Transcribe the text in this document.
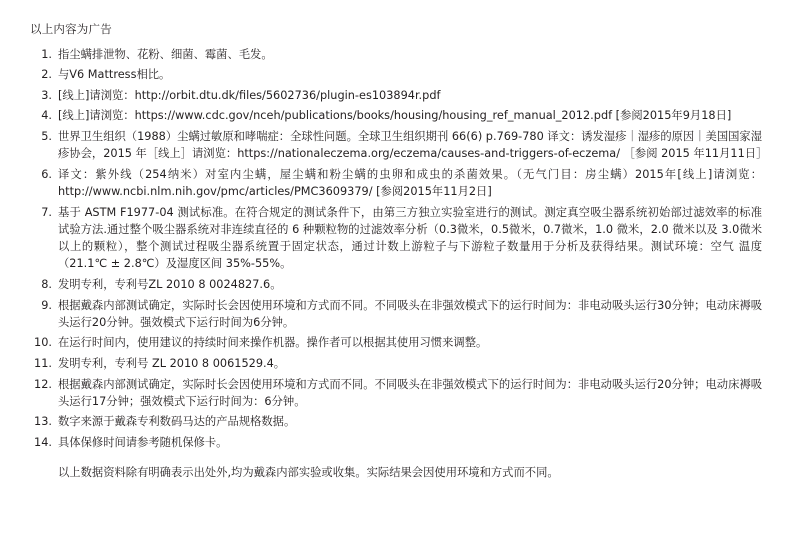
以上内容为广告
1. 指尘螨排泄物、花粉、细菌、霉菌、毛发。
2. 与V6 Mattress相比。
3. [线上]请浏览：http://orbit.dtu.dk/files/5602736/plugin-es103894r.pdf
4. [线上]请浏览：https://www.cdc.gov/nceh/publications/books/housing/housing_ref_manual_2012.pdf [参阅2015年9月18日]
5. 世界卫生组织（1988）尘螨过敏原和哮喘症：全球性问题。全球卫生组织期刊 66(6) p.769-780 译文：诱发湿疹｜湿疹的原因｜美国国家湿疹协会，2015 年［线上］请浏览：https://nationaleczema.org/eczema/causes-and-triggers-of-eczema/ ［参阅 2015 年11月11日］
6. 译文：紫外线（254纳米）对室内尘螨，屋尘螨和粉尘螨的虫卵和成虫的杀菌效果。（无气门目：房尘螨）2015年[线上]请浏览：http://www.ncbi.nlm.nih.gov/pmc/articles/PMC3609379/ [参阅2015年11月2日]
7. 基于 ASTM F1977-04 测试标准。在符合规定的测试条件下，由第三方独立实验室进行的测试。测定真空吸尘器系统初始部过滤效率的标准试验方法.通过整个吸尘器系统对非连续直径的 6 种颗粒物的过滤效率分析（0.3微米，0.5微米，0.7微米，1.0 微米，2.0 微米以及 3.0微米以上的颗粒），整个测试过程吸尘器系统置于固定状态，通过计数上游粒子与下游粒子数量用于分析及获得结果。测试环境：空气 温度（21.1℃ ± 2.8℃）及湿度区间 35%-55%。
8. 发明专利，专利号ZL 2010 8 0024827.6。
9. 根据戴森内部测试确定，实际时长会因使用环境和方式而不同。不同吸头在非强效模式下的运行时间为：非电动吸头运行30分钟；电动床褥吸头运行20分钟。强效模式下运行时间为6分钟。
10. 在运行时间内，使用建议的持续时间来操作机器。操作者可以根据其使用习惯来调整。
11. 发明专利，专利号 ZL 2010 8 0061529.4。
12. 根据戴森内部测试确定，实际时长会因使用环境和方式而不同。不同吸头在非强效模式下的运行时间为：非电动吸头运行20分钟；电动床褥吸头运行17分钟；强效模式下运行时间为：6分钟。
13. 数字来源于戴森专利数码马达的产品规格数据。
14. 具体保修时间请参考随机保修卡。
以上数据资料除有明确表示出处外,均为戴森内部实验或收集。实际结果会因使用环境和方式而不同。
